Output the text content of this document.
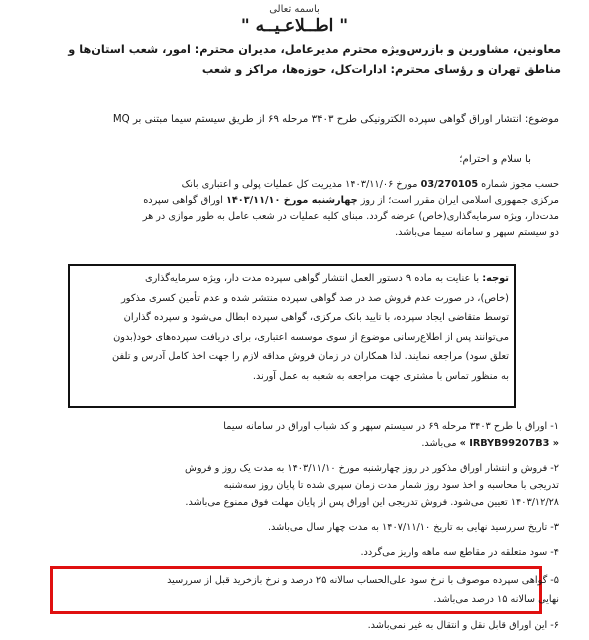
باسمه تعالی
" اطــلاعـیــه "
معاونین، مشاورین و بازرس‌ویژه محترم مدیرعامل، مدیران محترم: امور، شعب استان‌ها و
مناطق تهران و رؤسای محترم: ادارات‌کل، حوزه‌ها، مراکز و شعب
موضوع: انتشار اوراق گواهی سپرده الکترونیکی طرح ۳۴۰۳ مرحله ۶۹ از طریق سیستم سیما مبتنی بر MQ
با سلام و احترام؛
حسب مجوز شماره 03/270105 مورخ ۱۴۰۳/۱۱/۰۶ مدیریت کل عملیات پولی و اعتباری بانک
مرکزی جمهوری اسلامی ایران مقرر است؛ از روز چهارشنبه مورخ ۱۴۰۳/۱۱/۱۰ اوراق گواهی سپرده
مدت‌دار، ویژه سرمایه‌گذاری(خاص) عرضه گردد. مبنای کلیه عملیات در شعب عامل به طور موازی در هر
دو سیستم سپهر و سامانه سیما می‌باشد.
توجه: با عنایت به ماده ۹ دستور العمل انتشار گواهی سپرده مدت دار، ویژه سرمایه‌گذاری
(خاص)، در صورت عدم فروش صد در صد گواهی سپرده منتشر شده و عدم تأمین کسری مذکور
توسط متقاضی ایجاد سپرده، با تایید بانک مرکزی، گواهی سپرده ابطال می‌شود و سپرده گذاران
می‌توانند پس از اطلاع‌رسانی موضوع از سوی موسسه اعتباری، برای دریافت سپرده‌های خود(بدون
تعلق سود) مراجعه نمایند. لذا همکاران در زمان فروش مداقه لازم را جهت اخذ کامل آدرس و تلفن
به منظور تماس با مشتری جهت مراجعه به شعبه به عمل آورند.
۱- اوراق با طرح ۳۴۰۳ مرحله ۶۹ در سیستم سپهر و کد شباب اوراق در سامانه سیما
« IRBYB99207B3 » می‌باشد.
۲- فروش و انتشار اوراق مذکور در روز چهارشنبه مورخ ۱۴۰۳/۱۱/۱۰ به مدت یک روز و فروش
تدریجی با محاسبه و اخذ سود روز شمار مدت زمان سپری شده تا پایان روز سه‌شنبه
۱۴۰۳/۱۲/۲۸ تعیین می‌شود. فروش تدریجی این اوراق پس از پایان مهلت فوق ممنوع می‌باشد.
۳- تاریخ سررسید نهایی به تاریخ ۱۴۰۷/۱۱/۱۰ به مدت چهار سال می‌باشد.
۴- سود متعلقه در مقاطع سه ماهه واریز می‌گردد.
۵- گواهی سپرده موصوف با نرخ سود علی‌الحساب سالانه ۲۵ درصد و نرخ بازخرید قبل از سررسید
نهایی سالانه ۱۵ درصد می‌باشد.
۶- این اوراق قابل نقل و انتقال به غیر نمی‌باشد.
